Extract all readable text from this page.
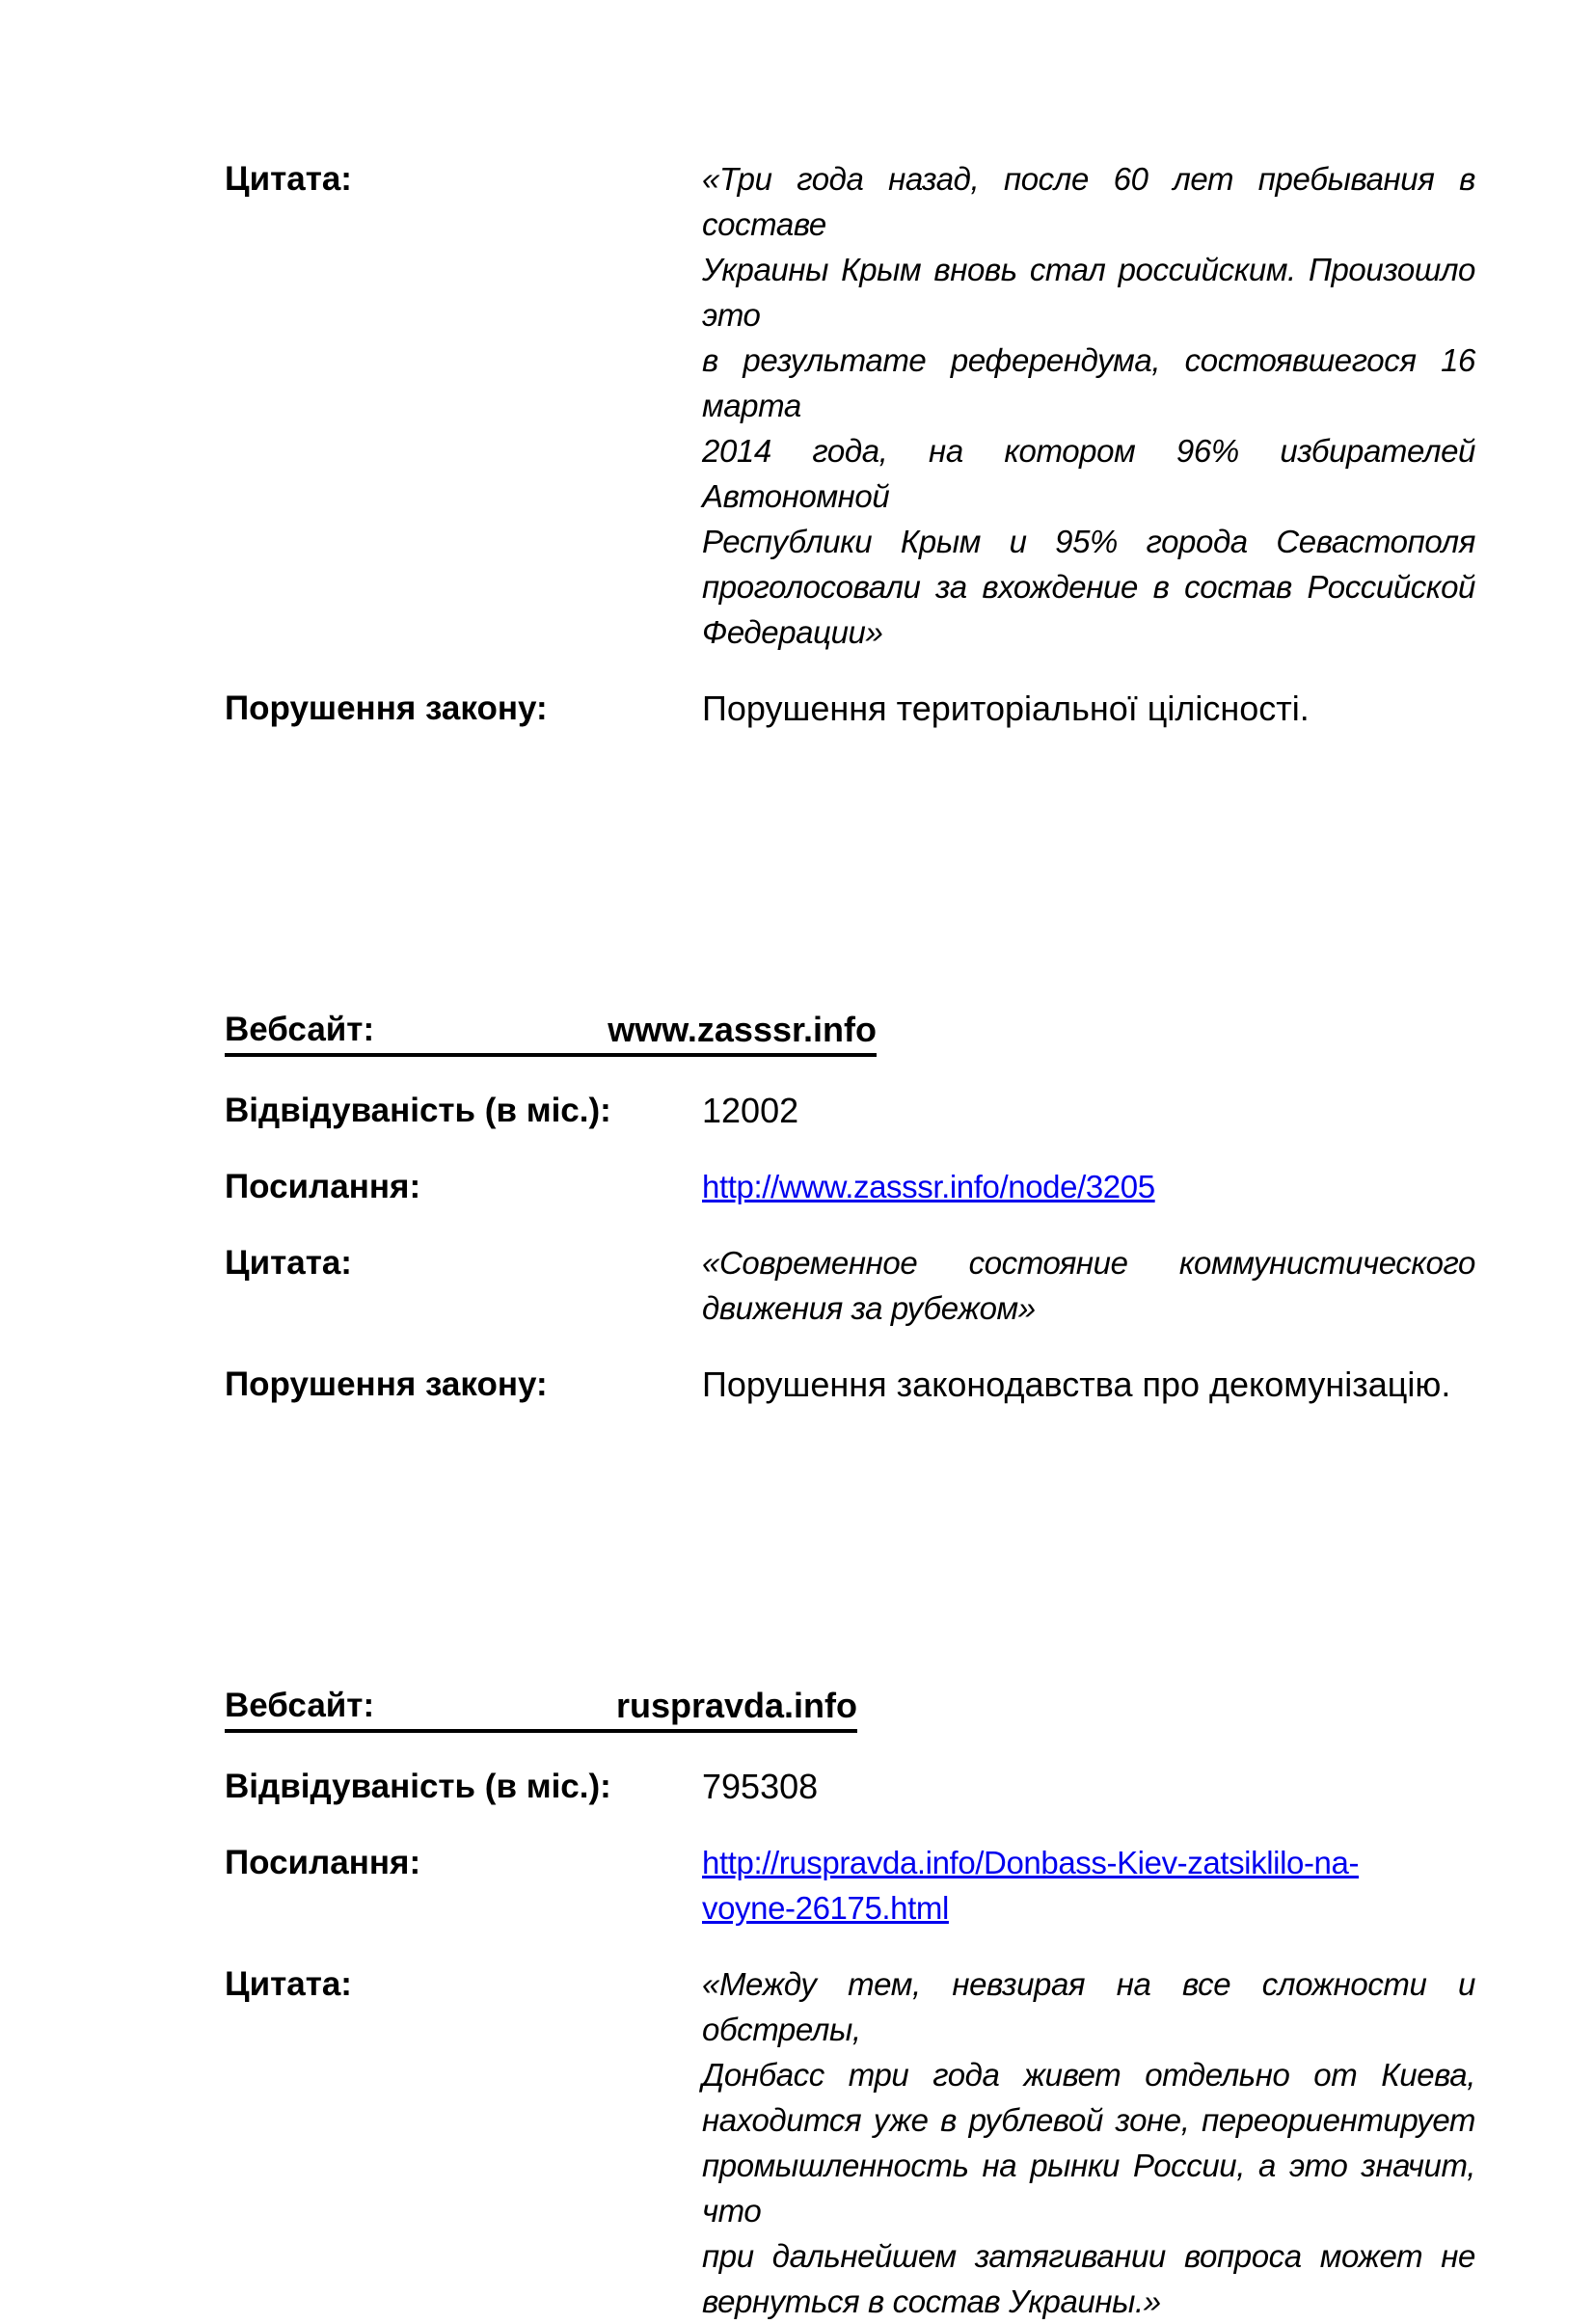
Цитата:	«Три года назад, после 60 лет пребывания в составе
Украины Крым вновь стал российским. Произошло это
в результате референдума, состоявшегося 16 марта
2014 года, на котором 96% избирателей Автономной
Республики Крым и 95% города Севастополя
проголосовали за вхождение в состав Российской
Федерации»
Порушення закону:	Порушення територіальної цілісності.
Вебсайт:	www.zasssr.info
Відвідуваність (в міс.):	12002
Посилання:	http://www.zasssr.info/node/3205
Цитата:	«Современное состояние коммунистического
движения за рубежом»
Порушення закону:	Порушення законодавства про декомунізацію.
Вебсайт:	ruspravda.info
Відвідуваність (в міс.):	795308
Посилання:	http://ruspravda.info/Donbass-Kiev-zatsiklilo-na-
voyne-26175.html
Цитата:	«Между тем, невзирая на все сложности и обстрелы,
Донбасс три года живет отдельно от Киева,
находится уже в рублевой зоне, переориентирует
промышленность на рынки России, а это значит, что
при дальнейшем затягивании вопроса может не
вернуться в состав Украины.»
